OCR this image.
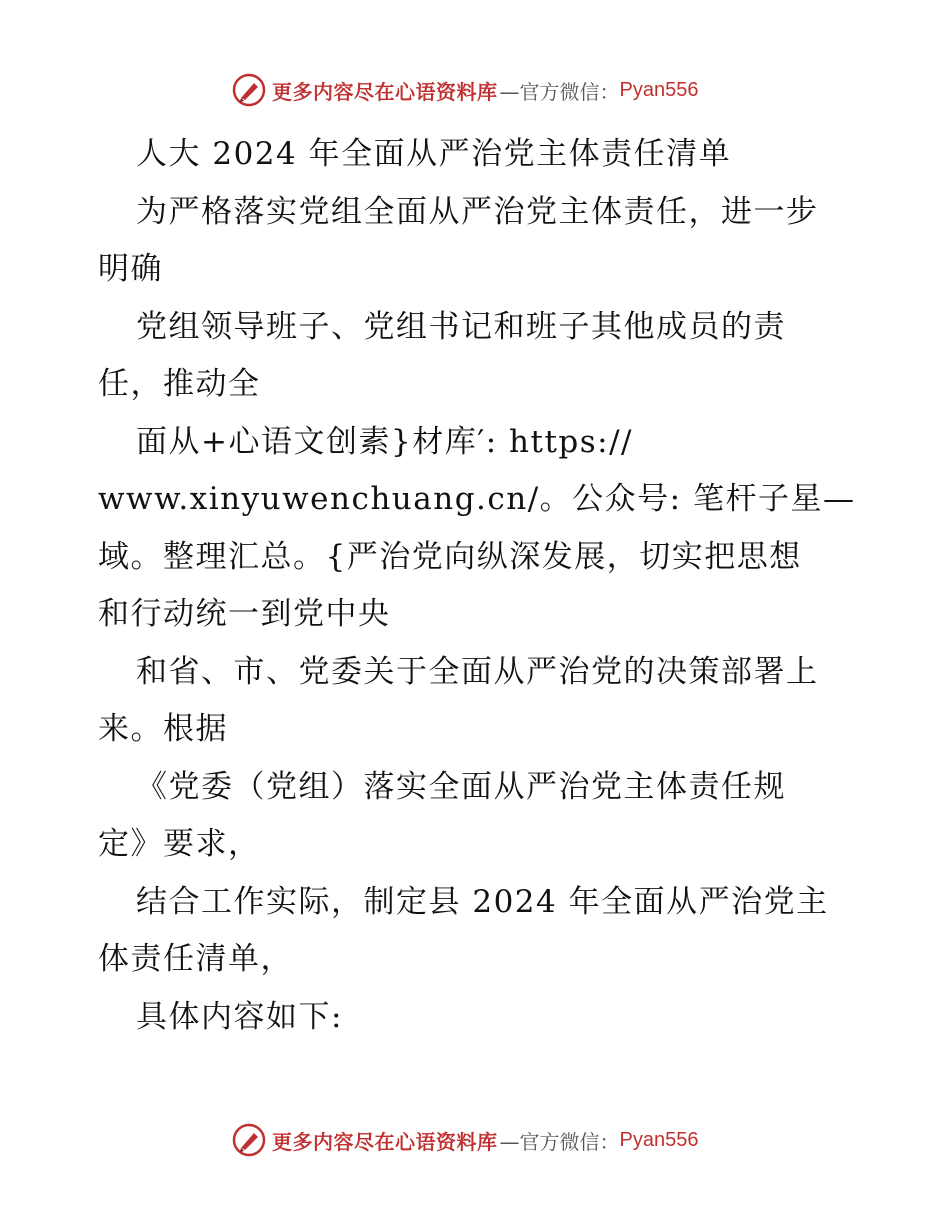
更多内容尽在心语资料库 —官方微信： Pyan556
人大 2024 年全面从严治党主体责任清单
为严格落实党组全面从严治党主体责任，进一步
明确
党组领导班子、党组书记和班子其他成员的责
任，推动全
面从+心语文创素}材库′: https://
www.xinyuwenchuang.cn/。公众号: 笔杆子星—
域。整理汇总。{严治党向纵深发展，切实把思想
和行动统一到党中央
和省、市、党委关于全面从严治党的决策部署上
来。根据
《党委（党组）落实全面从严治党主体责任规
定》要求，
结合工作实际，制定县 2024 年全面从严治党主
体责任清单，
具体内容如下:
更多内容尽在心语资料库 —官方微信： Pyan556
